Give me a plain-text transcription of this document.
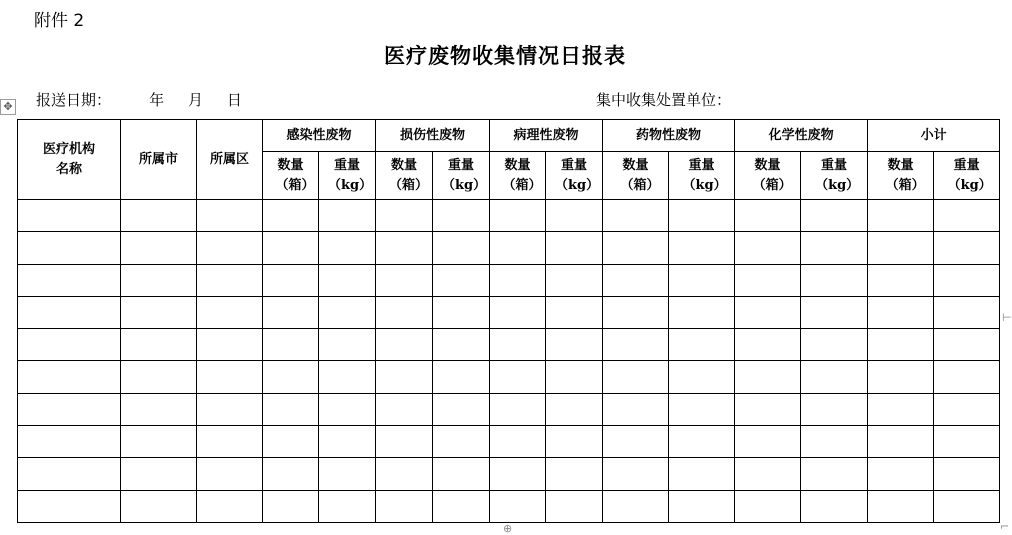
附件 2
医疗废物收集情况日报表
报送日期：	年 月 日	集中收集处置单位：
✥
⊢
⌐
⊕
医疗机构名称	所属市	所属区	感染性废物		损伤性废物		病理性废物		药物性废物		化学性废物		小计	

			数量（箱）	重量（kg）	数量（箱）	重量（kg）	数量（箱）	重量（kg）	数量（箱）	重量（kg）	数量（箱）	重量（kg）	数量（箱）	重量（kg）
